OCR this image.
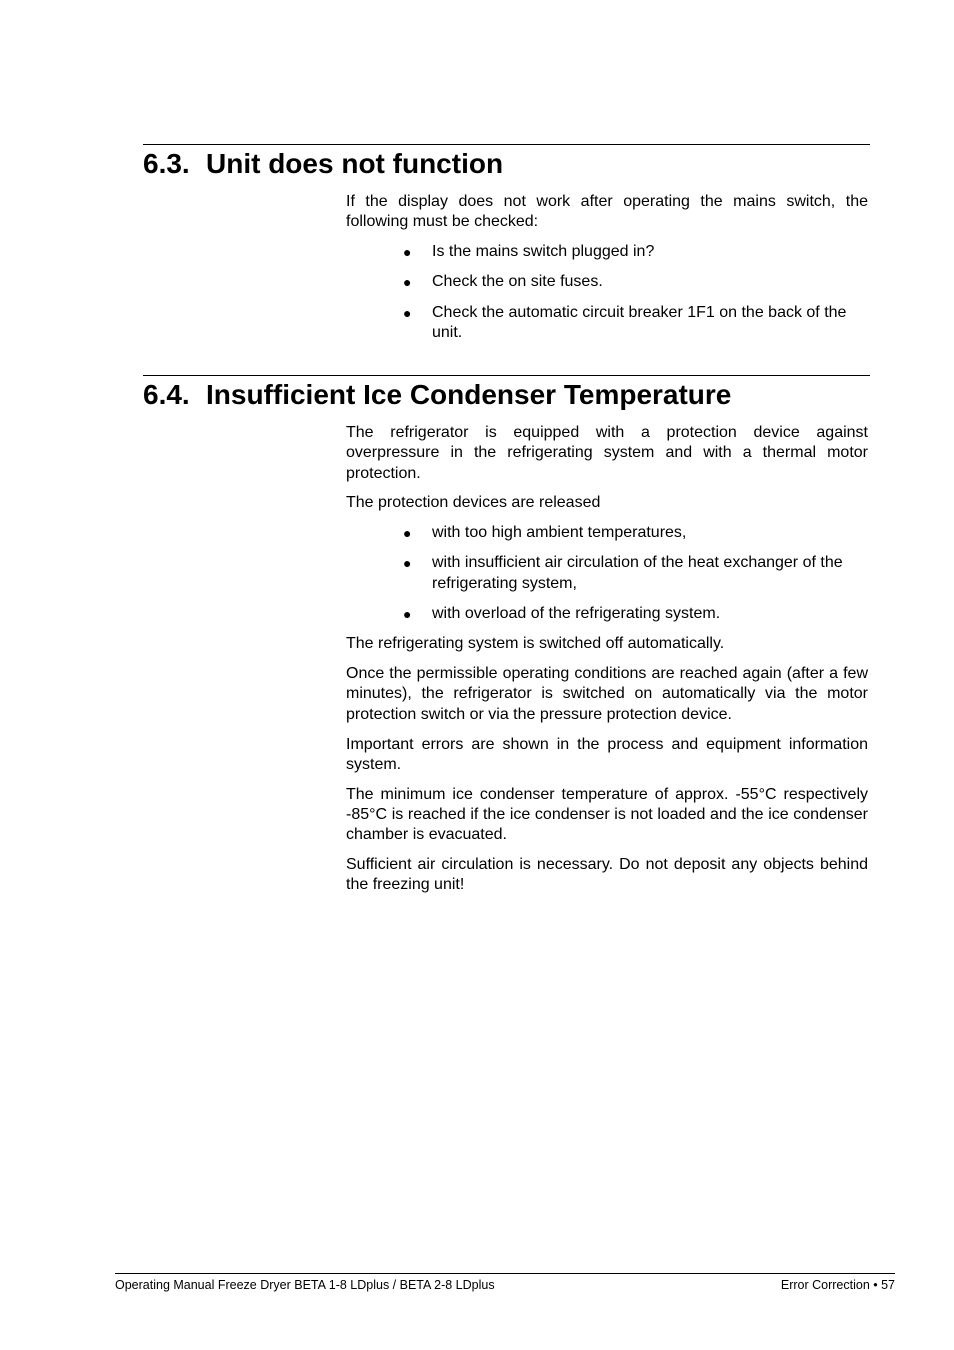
6.3. Unit does not function

If the display does not work after operating the mains switch, the following must be checked:

● Is the mains switch plugged in?
● Check the on site fuses.
● Check the automatic circuit breaker 1F1 on the back of the unit.
6.4. Insufficient Ice Condenser Temperature

The refrigerator is equipped with a protection device against overpressure in the refrigerating system and with a thermal motor protection.

The protection devices are released

● with too high ambient temperatures,
● with insufficient air circulation of the heat exchanger of the refrigerating system,
● with overload of the refrigerating system.

The refrigerating system is switched off automatically.

Once the permissible operating conditions are reached again (after a few minutes), the refrigerator is switched on automatically via the motor protection switch or via the pressure protection device.

Important errors are shown in the process and equipment information system.

The minimum ice condenser temperature of approx. -55°C respectively -85°C is reached if the ice condenser is not loaded and the ice condenser chamber is evacuated.

Sufficient air circulation is necessary. Do not deposit any objects behind the freezing unit!

Operating Manual Freeze Dryer BETA 1-8 LDplus / BETA 2-8 LDplus	Error Correction • 57
